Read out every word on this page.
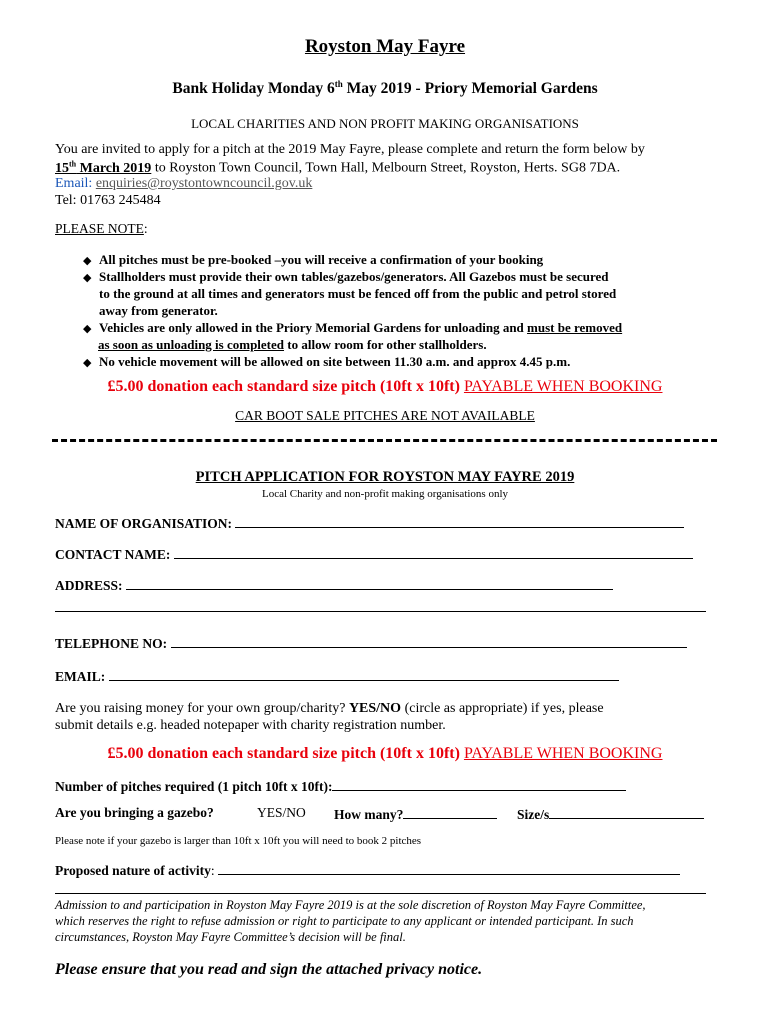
Royston May Fayre
Bank Holiday Monday 6th May 2019 - Priory Memorial Gardens
LOCAL CHARITIES AND NON PROFIT MAKING ORGANISATIONS
You are invited to apply for a pitch at the 2019 May Fayre, please complete and return the form below by
15th March 2019 to Royston Town Council, Town Hall, Melbourn Street, Royston, Herts. SG8 7DA.
Email: enquiries@roystontowncouncil.gov.uk
Tel: 01763 245484
PLEASE NOTE:
◆ All pitches must be pre-booked –you will receive a confirmation of your booking
◆ Stallholders must provide their own tables/gazebos/generators. All Gazebos must be secured
to the ground at all times and generators must be fenced off from the public and petrol stored
away from generator.
◆ Vehicles are only allowed in the Priory Memorial Gardens for unloading and must be removed
as soon as unloading is completed to allow room for other stallholders.
◆ No vehicle movement will be allowed on site between 11.30 a.m. and approx 4.45 p.m.
£5.00 donation each standard size pitch (10ft x 10ft) PAYABLE WHEN BOOKING
CAR BOOT SALE PITCHES ARE NOT AVAILABLE
PITCH APPLICATION FOR ROYSTON MAY FAYRE 2019
Local Charity and non-profit making organisations only
NAME OF ORGANISATION:
CONTACT NAME:
ADDRESS:
TELEPHONE NO:
EMAIL:
Are you raising money for your own group/charity? YES/NO (circle as appropriate) if yes, please
submit details e.g. headed notepaper with charity registration number.
£5.00 donation each standard size pitch (10ft x 10ft) PAYABLE WHEN BOOKING
Number of pitches required (1 pitch 10ft x 10ft):
Are you bringing a gazebo?	YES/NO How many?	Size/s
Please note if your gazebo is larger than 10ft x 10ft you will need to book 2 pitches
Proposed nature of activity:
Admission to and participation in Royston May Fayre 2019 is at the sole discretion of Royston May Fayre Committee,
which reserves the right to refuse admission or right to participate to any applicant or intended participant. In such
circumstances, Royston May Fayre Committee’s decision will be final.
Please ensure that you read and sign the attached privacy notice.
